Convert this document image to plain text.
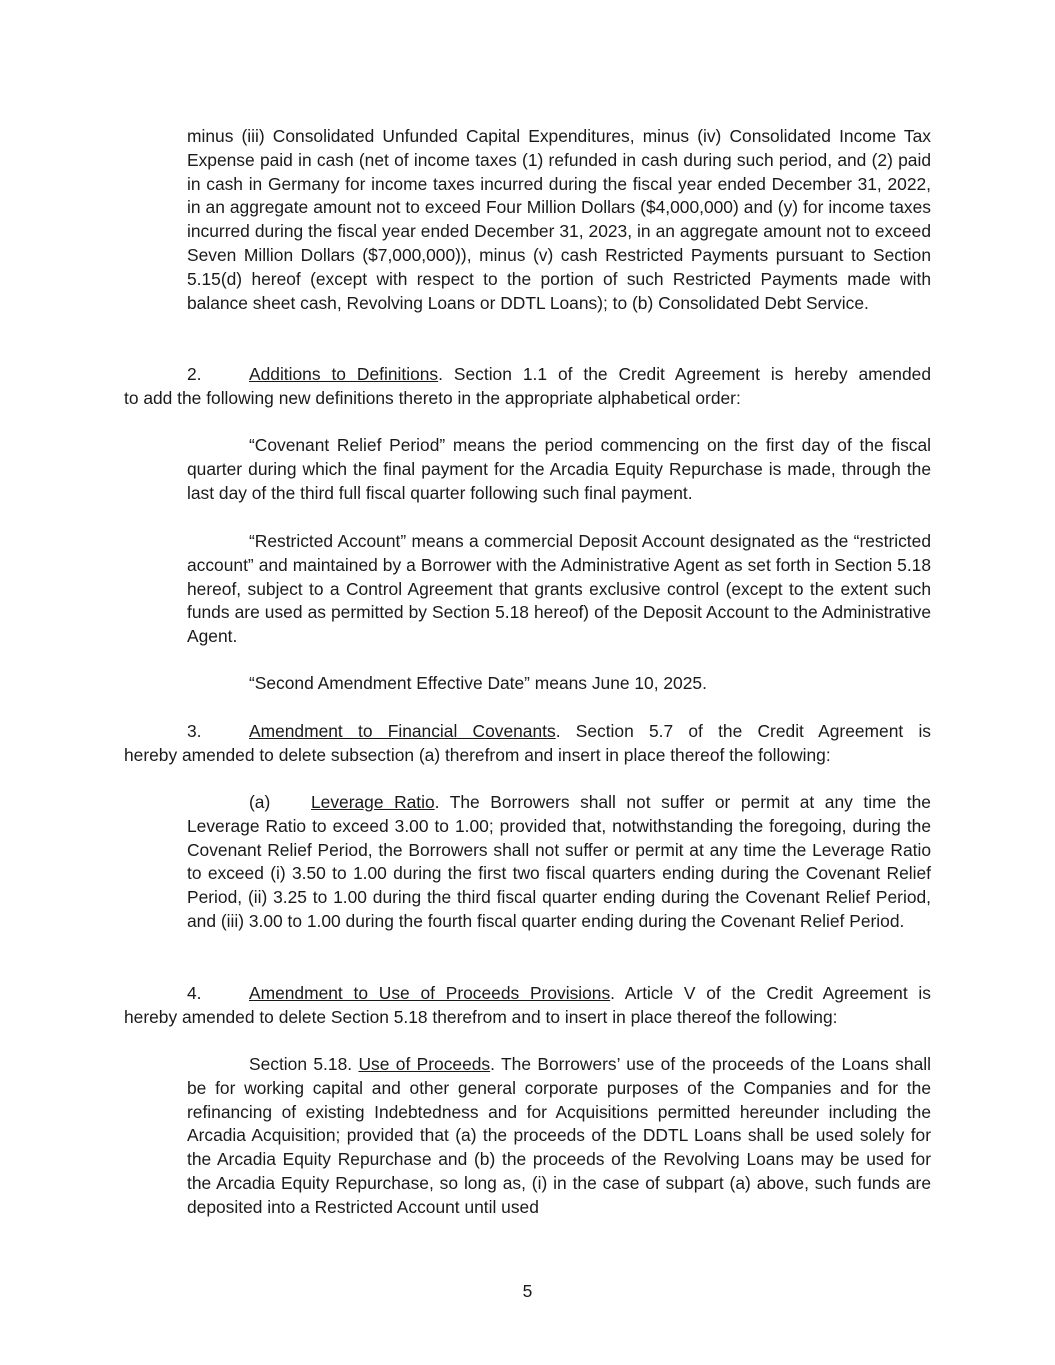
minus (iii) Consolidated Unfunded Capital Expenditures, minus (iv) Consolidated Income Tax Expense paid in cash (net of income taxes (1) refunded in cash during such period, and (2) paid in cash in Germany for income taxes incurred during the fiscal year ended December 31, 2022, in an aggregate amount not to exceed Four Million Dollars ($4,000,000) and (y) for income taxes incurred during the fiscal year ended December 31, 2023, in an aggregate amount not to exceed Seven Million Dollars ($7,000,000)), minus (v) cash Restricted Payments pursuant to Section 5.15(d) hereof (except with respect to the portion of such Restricted Payments made with balance sheet cash, Revolving Loans or DDTL Loans); to (b) Consolidated Debt Service.

2.	Additions to Definitions. Section 1.1 of the Credit Agreement is hereby amended
to add the following new definitions thereto in the appropriate alphabetical order:

“Covenant Relief Period” means the period commencing on the first day of the fiscal quarter during which the final payment for the Arcadia Equity Repurchase is made, through the last day of the third full fiscal quarter following such final payment.

“Restricted Account” means a commercial Deposit Account designated as the “restricted account” and maintained by a Borrower with the Administrative Agent as set forth in Section 5.18 hereof, subject to a Control Agreement that grants exclusive control (except to the extent such funds are used as permitted by Section 5.18 hereof) of the Deposit Account to the Administrative Agent.

“Second Amendment Effective Date” means June 10, 2025.

3.	Amendment to Financial Covenants. Section 5.7 of the Credit Agreement is
hereby amended to delete subsection (a) therefrom and insert in place thereof the following:

(a) Leverage Ratio. The Borrowers shall not suffer or permit at any time the Leverage Ratio to exceed 3.00 to 1.00; provided that, notwithstanding the foregoing, during the Covenant Relief Period, the Borrowers shall not suffer or permit at any time the Leverage Ratio to exceed (i) 3.50 to 1.00 during the first two fiscal quarters ending during the Covenant Relief Period, (ii) 3.25 to 1.00 during the third fiscal quarter ending during the Covenant Relief Period, and (iii) 3.00 to 1.00 during the fourth fiscal quarter ending during the Covenant Relief Period.

4.	Amendment to Use of Proceeds Provisions. Article V of the Credit Agreement is
hereby amended to delete Section 5.18 therefrom and to insert in place thereof the following:

Section 5.18. Use of Proceeds. The Borrowers’ use of the proceeds of the Loans shall be for working capital and other general corporate purposes of the Companies and for the refinancing of existing Indebtedness and for Acquisitions permitted hereunder including the Arcadia Acquisition; provided that (a) the proceeds of the DDTL Loans shall be used solely for the Arcadia Equity Repurchase and (b) the proceeds of the Revolving Loans may be used for the Arcadia Equity Repurchase, so long as, (i) in the case of subpart (a) above, such funds are deposited into a Restricted Account until used

5
